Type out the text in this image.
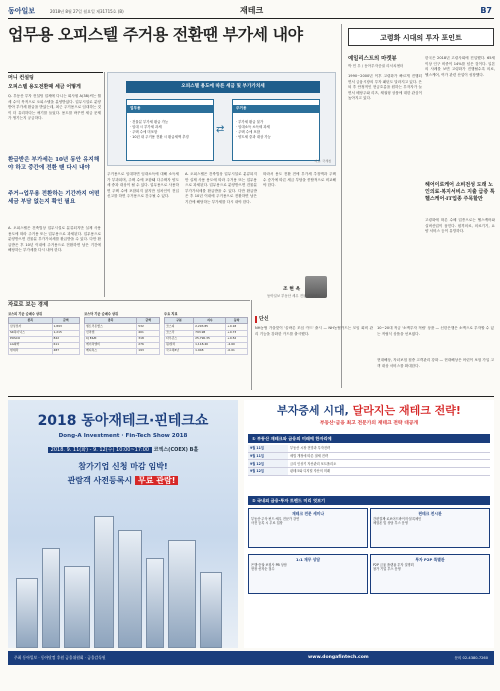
동아일보	2018년 8월 27일 월요일 제31715호 (B)	재테크	B7
업무용 오피스텔 주거용 전환땐 부가세 내야
머니 컨설팅
오피스텔 용도전환때 세금 어떻게
Q. 부동산 투자 컨설팅 업체에 다니는 회사원 A(38)씨는 월세 수익 목적으로 오피스텔을 분양받았다. 업무시설로 분양받아 부가세 환급을 받았는데, 최근 주거용으로 임대하는 것이 더 유리하다는 얘기를 들었다. 용도를 바꾸면 세금 문제가 생기는지 궁금하다.
환급받은 부가세는 10년 동안 유지해야 하고 중간에 전환 땐 다시 내야
주거→업무용 전환하는 기간까지 어떤 세금 부담 없는지 확인 필요
A. 오피스텔은 건축법상 업무시설로 분류되지만 실제 사용 용도에 따라 주거용 또는 업무용으로 과세된다. 업무용으로 분양받으면 건물분 부가가치세를 환급받을 수 있다. 다만 환급받은 후 10년 이내에 주거용으로 전환하면 남은 기간에 해당하는 부가세를 다시 내야 한다.
오피스텔 용도에 따른 세금 및 부가가치세

업무용

· 건물분 부가세 환급 가능
· 임대 시 부가세 과세
· 주택 수에 미포함
· 10년 내 주거용 전환 시 환급세액 추징

⇄

주거용

· 부가세 환급 불가
· 임대소득 소득세 과세
· 주택 수에 포함
· 양도세 중과 대상 가능

자료: 국세청
주거용으로 임대하면 임대소득에 대해 소득세가 부과되며, 주택 수에 포함돼 다주택자 양도세 중과 대상이 될 수 있다. 업무용으로 사용하면 주택 수에 포함되지 않지만 임차인이 전입신고를 하면 주거용으로 간주될 수 있다.
A. 오피스텔은 건축법상 업무시설로 분류되지만 실제 사용 용도에 따라 주거용 또는 업무용으로 과세된다. 업무용으로 분양받으면 건물분 부가가치세를 환급받을 수 있다. 다만 환급받은 후 10년 이내에 주거용으로 전환하면 남은 기간에 해당하는 부가세를 다시 내야 한다.
따라서 용도 전환 전에 부가세 추징액과 주택 수 증가에 따른 세금 부담을 종합적으로 비교해야 한다.
조 현 옥
동아일보 부동산 세무 전문 컨설턴트
자료로 보는 경제
코스피 기준 순매수 상위
종목	금액
삼성전자	1,893
SK하이닉스	1,215
POSCO	842
LG화학	611
현대차	487
코스닥 기준 순매수 상위
종목	금액
셀트리온헬스	532
신라젠	401
CJ E&M	318
에이치엘비	276
메디톡스	193
주요 지표
구분	지수	등락
코스피	2,293.85	+0.18
코스닥	793.98	+0.73
다우존스	25,790.35	+0.52
원/달러	1,118.40	-4.60
국고채3년	1.948	-0.01
단신
NH농협 가을맞이 '올바른 모임 카드' 출시 — NH농협카드는 모임 회비 관리 기능을 강화한 카드를 출시했다.
10~20대 적금 '소액투자 적립' 상품 — 신한은행은 소액으로 투자할 수 있는 적립식 상품을 선보였다.
현대해상, 자녀보험 집중 고객관리 강화 — 현대해상은 어린이 보험 가입 고객 대상 서비스를 확대한다.
고령화 시대의 투자 포인트
예일리스트의 마켓뷰
박 민 우 / 동아투자증권 리서치센터
1990~2000년 이후 고령화가 빠르게 진행되면서 금융시장의 투자 패턴도 달라지고 있다. 은퇴 후 안정적인 현금흐름을 원하는 투자자가 늘면서 배당주와 리츠, 채권형 상품에 대한 관심이 높아지고 있다.
한국은 2018년 고령사회에 진입했다. 65세 이상 인구 비중이 14%를 넘은 것이다. 일본의 사례를 보면 고령화가 진행될수록 의료, 헬스케어, 여가 관련 산업이 성장했다.
헤어이로케어 소비전성 도래 노인의료·복지서비스 지출 급증 톡 헬스케어·IT업종 주목할만
고령화에 따른 수혜 업종으로는 헬스케어와 실버산업이 꼽힌다. 원격의료, 의료기기, 요양 서비스 등이 유망하다.
2018 동아재테크·핀테크쇼
Dong-A Investment · Fin-Tech Show 2018
2018. 9. 11(화) - 9. 12(수) 10:00~17:00 코엑스(COEX) B홀
참가기업 신청 마감 임박!
관람객 사전등록시 무료 관람!
부자증세 시대, 달라지는 재테크 전략!
부동산·금융 최고 전문가의 재테크 전략 대공개
① 부동산 재테크와 금융의 미래에 한자리에
9월 11일	부동산 시장 전망과 투자전략
9월 11일	세법 개정에 따른 절세 전략
9월 12일	금리 인상기 자산관리 포트폴리오
9월 12일	핀테크와 디지털 자산의 미래
② 국내외 금융·투자 트렌드 미리 엿보기
재테크 전문 세미나
부동산·주식·펀드·세무 전문가 강연
사전 등록 시 무료 입장
핀테크 전시관
간편결제·로보어드바이저·블록체인
체험존 및 상담 부스 운영
1:1 재무 상담
은행·증권·보험사 PB 상담
현장 선착순 접수
투자 P2P 특별관
P2P 금융 플랫폼 투자 설명회
참가 기업 부스 운영
주최 동아일보 · 동아닷컴 후원 금융위원회 · 금융감독원	www.dongafintech.com	문의 02-4380-7260
